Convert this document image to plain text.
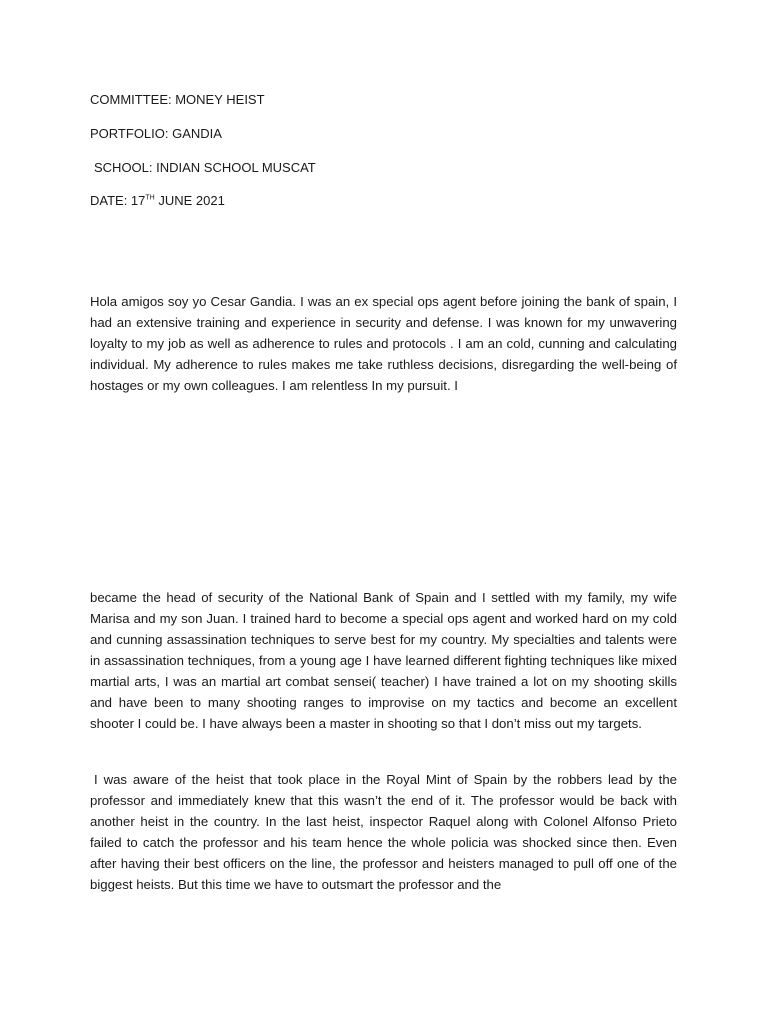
COMMITTEE: MONEY HEIST
PORTFOLIO: GANDIA
SCHOOL: INDIAN SCHOOL MUSCAT
DATE: 17TH JUNE 2021

Hola amigos soy yo Cesar Gandia. I was an ex special ops agent before joining the bank of spain, I had an extensive training and experience in security and defense. I was known for my unwavering loyalty to my job as well as adherence to rules and protocols . I am an cold, cunning and calculating individual. My adherence to rules makes me take ruthless decisions, disregarding the well-being of hostages or my own colleagues. I am relentless In my pursuit. I

became the head of security of the National Bank of Spain and I settled with my family, my wife Marisa and my son Juan. I trained hard to become a special ops agent and worked hard on my cold and cunning assassination techniques to serve best for my country. My specialties and talents were in assassination techniques, from a young age I have learned different fighting techniques like mixed martial arts, I was an martial art combat sensei( teacher) I have trained a lot on my shooting skills and have been to many shooting ranges to improvise on my tactics and become an excellent shooter I could be. I have always been a master in shooting so that I don’t miss out my targets.

I was aware of the heist that took place in the Royal Mint of Spain by the robbers lead by the professor and immediately knew that this wasn’t the end of it. The professor would be back with another heist in the country. In the last heist, inspector Raquel along with Colonel Alfonso Prieto failed to catch the professor and his team hence the whole policia was shocked since then. Even after having their best officers on the line, the professor and heisters managed to pull off one of the biggest heists. But this time we have to outsmart the professor and the
